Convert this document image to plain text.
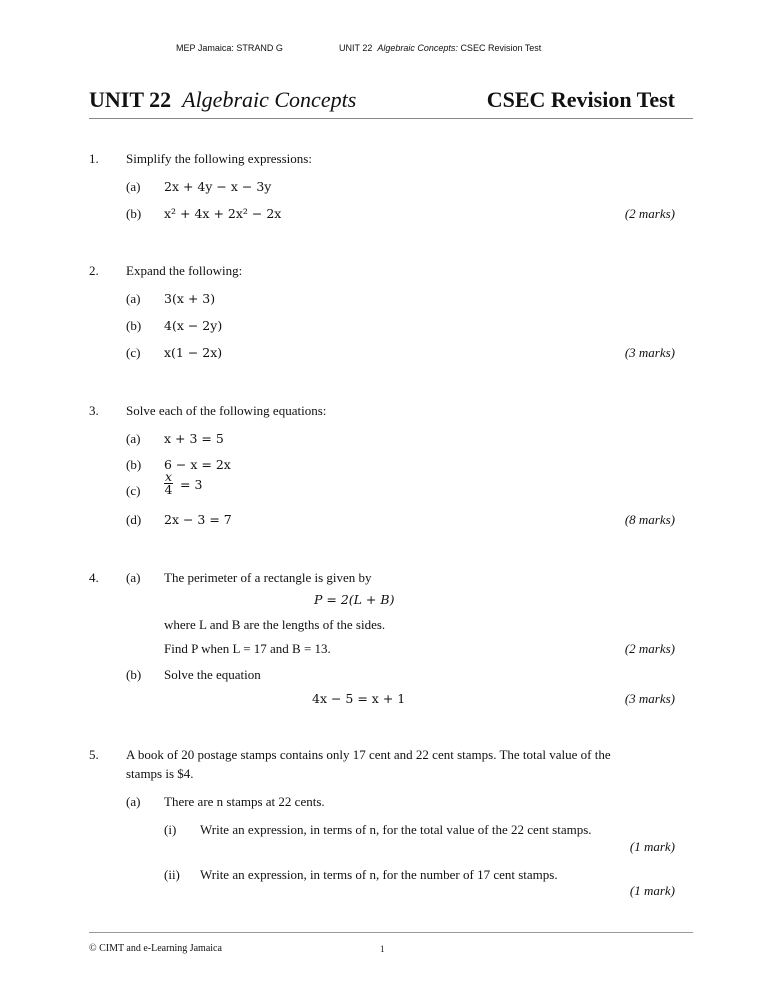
MEP Jamaica: STRAND G	UNIT 22 Algebraic Concepts: CSEC Revision Test
UNIT 22 Algebraic Concepts	CSEC Revision Test
1. Simplify the following expressions:
(a) 2x + 4y − x − 3y
(b) x² + 4x + 2x² − 2x	(2 marks)
2. Expand the following:
(a) 3(x + 3)
(b) 4(x − 2y)
(c) x(1 − 2x)	(3 marks)
3. Solve each of the following equations:
(a) x + 3 = 5
(b) 6 − x = 2x
$(c) \frac{x}{4} = 3$
(d) 2x − 3 = 7	(8 marks)
4. (a) The perimeter of a rectangle is given by
P = 2(L + B)
where L and B are the lengths of the sides.
Find P when L = 17 and B = 13.	(2 marks)
(b) Solve the equation
4x − 5 = x + 1	(3 marks)
5. A book of 20 postage stamps contains only 17 cent and 22 cent stamps. The total value of the
stamps is $4.
(a) There are n stamps at 22 cents.
(i) Write an expression, in terms of n, for the total value of the 22 cent stamps.
(1 mark)
(ii) Write an expression, in terms of n, for the number of 17 cent stamps.
(1 mark)
© CIMT and e-Learning Jamaica	1
